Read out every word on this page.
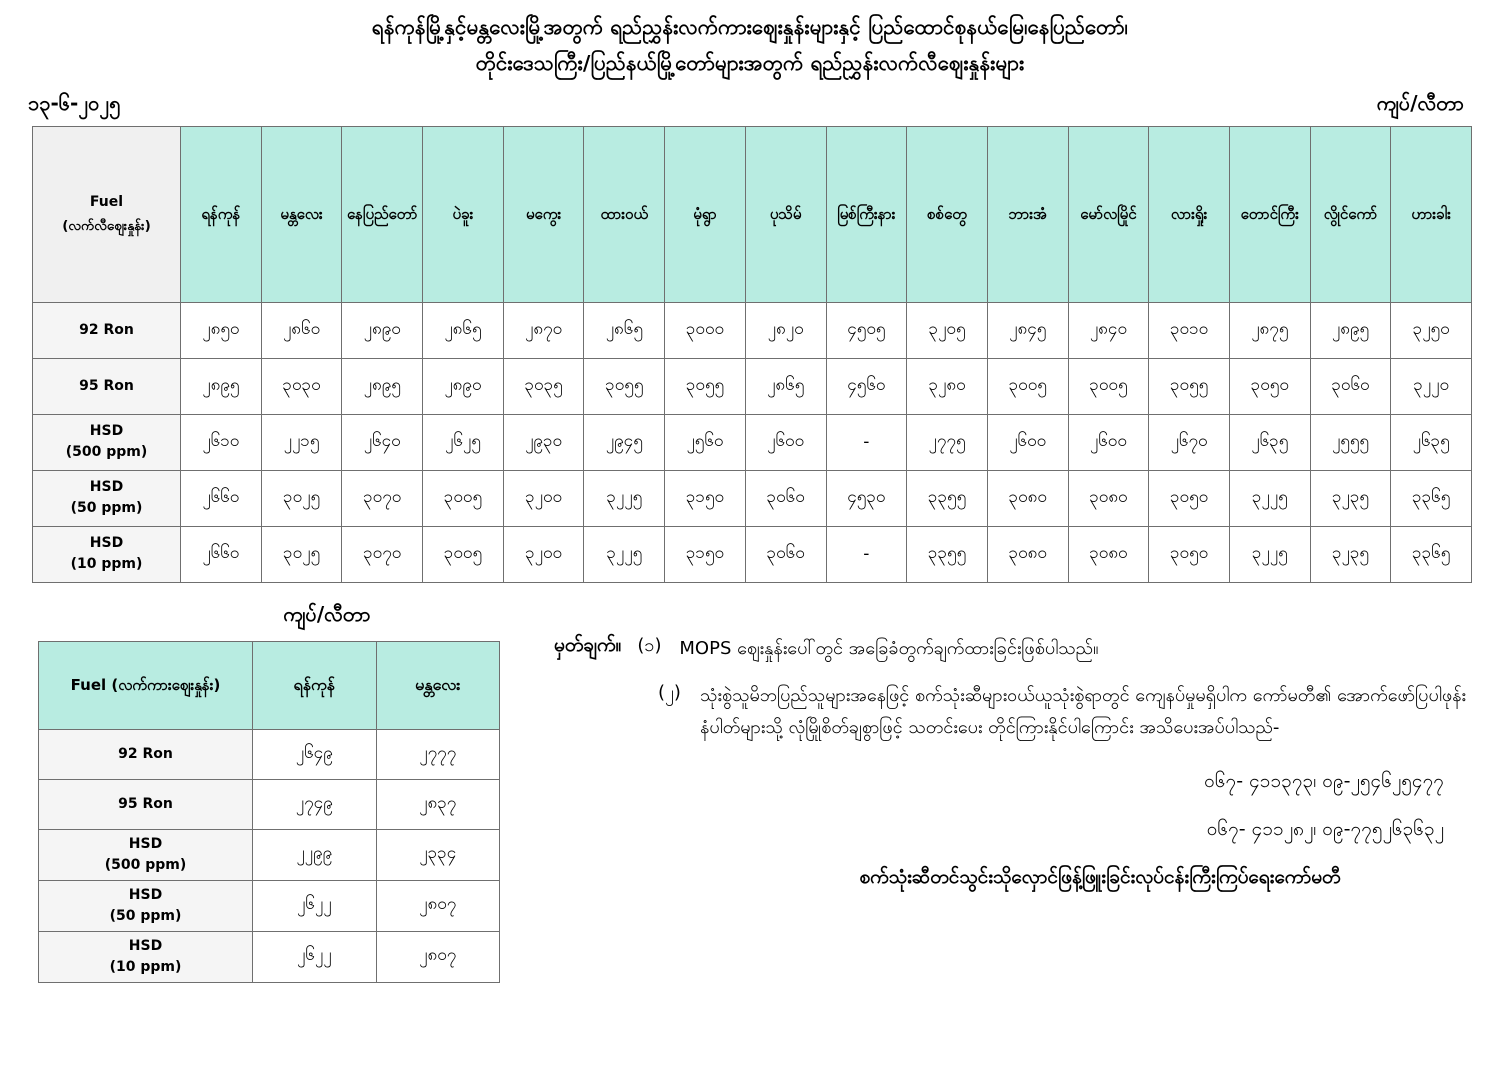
ရန်ကုန်မြို့နှင့်မန္တလေးမြို့အတွက် ရည်ညွှန်းလက်ကားဈေးနှုန်းများနှင့် ပြည်ထောင်စုနယ်မြေ၊နေပြည်တော်၊
တိုင်းဒေသကြီး/ပြည်နယ်မြို့တော်များအတွက် ရည်ညွှန်းလက်လီဈေးနှုန်းများ
၁၃-၆-၂၀၂၅	ကျပ်/လီတာ
Fuel
(လက်လီဈေးနှုန်း)	ရန်ကုန်	မန္တလေး	နေပြည်တော်	ပဲခူး	မကွေး	ထားဝယ်	မုံရွာ	ပုသိမ်	မြစ်ကြီးနား	စစ်တွေ	ဘားအံ	မော်လမြိုင်	လားရှိုး	တောင်ကြီး	လွိုင်ကော်	ဟားခါး

92 Ron	၂၈၅၀	၂၈၆၀	၂၈၉၀	၂၈၆၅	၂၈၇၀	၂၈၆၅	၃၀၀၀	၂၈၂၀	၄၅၀၅	၃၂၀၅	၂၈၄၅	၂၈၄၀	၃၀၁၀	၂၈၇၅	၂၈၉၅	၃၂၅၀

95 Ron	၂၈၉၅	၃၀၃၀	၂၈၉၅	၂၈၉၀	၃၀၃၅	၃၀၅၅	၃၀၅၅	၂၈၆၅	၄၅၆၀	၃၂၈၀	၃၀၀၅	၃၀၀၅	၃၀၅၅	၃၀၅၀	၃၀၆၀	၃၂၂၀

HSD
(500 ppm)	၂၆၁၀	၂၂၁၅	၂၆၄၀	၂၆၂၅	၂၉၃၀	၂၉၄၅	၂၅၆၀	၂၆၀၀	-	၂၇၇၅	၂၆၀၀	၂၆၀၀	၂၆၇၀	၂၆၃၅	၂၅၅၅	၂၆၃၅

HSD
(50 ppm)	၂၆၆၀	၃၀၂၅	၃၀၇၀	၃၀၀၅	၃၂၀၀	၃၂၂၅	၃၁၅၀	၃၀၆၀	၄၅၃၀	၃၃၅၅	၃၀၈၀	၃၀၈၀	၃၀၅၀	၃၂၂၅	၃၂၃၅	၃၃၆၅

HSD
(10 ppm)	၂၆၆၀	၃၀၂၅	၃၀၇၀	၃၀၀၅	၃၂၀၀	၃၂၂၅	၃၁၅၀	၃၀၆၀	-	၃၃၅၅	၃၀၈၀	၃၀၈၀	၃၀၅၀	၃၂၂၅	၃၂၃၅	၃၃၆၅
ကျပ်/လီတာ
Fuel (လက်ကားဈေးနှုန်း)	ရန်ကုန်	မန္တလေး

92 Ron	၂၆၄၉	၂၇၇၇

95 Ron	၂၇၄၉	၂၈၃၇

HSD
(500 ppm)	၂၂၉၉	၂၃၃၄

HSD
(50 ppm)	၂၆၂၂	၂၈၀၇

HSD
(10 ppm)	၂၆၂၂	၂၈၀၇
မှတ်ချက်။ (၁) MOPS ဈေးနှုန်းပေါ်တွင် အခြေခံတွက်ချက်ထားခြင်းဖြစ်ပါသည်။
(၂)	သုံးစွဲသူမိဘပြည်သူများအနေဖြင့် စက်သုံးဆီများဝယ်ယူသုံးစွဲရာတွင် ကျေနပ်မှုမရှိပါက ကော်မတီ၏ အောက်ဖော်ပြပါဖုန်းနံပါတ်များသို့ လုံမြိုုစိတ်ချစွာဖြင့် သတင်းပေး တိုင်ကြားနိုင်ပါကြောင်း အသိပေးအပ်ပါသည်-
၀၆၇- ၄၁၁၃၇၃၊ ၀၉-၂၅၄၆၂၅၄၇၇
၀၆၇- ၄၁၁၂၈၂၊ ၀၉-၇၇၅၂၆၃၆၃၂
စက်သုံးဆီတင်သွင်းသိုလှောင်ဖြန့်ဖြူးခြင်းလုပ်ငန်းကြီးကြပ်ရေးကော်မတီ
